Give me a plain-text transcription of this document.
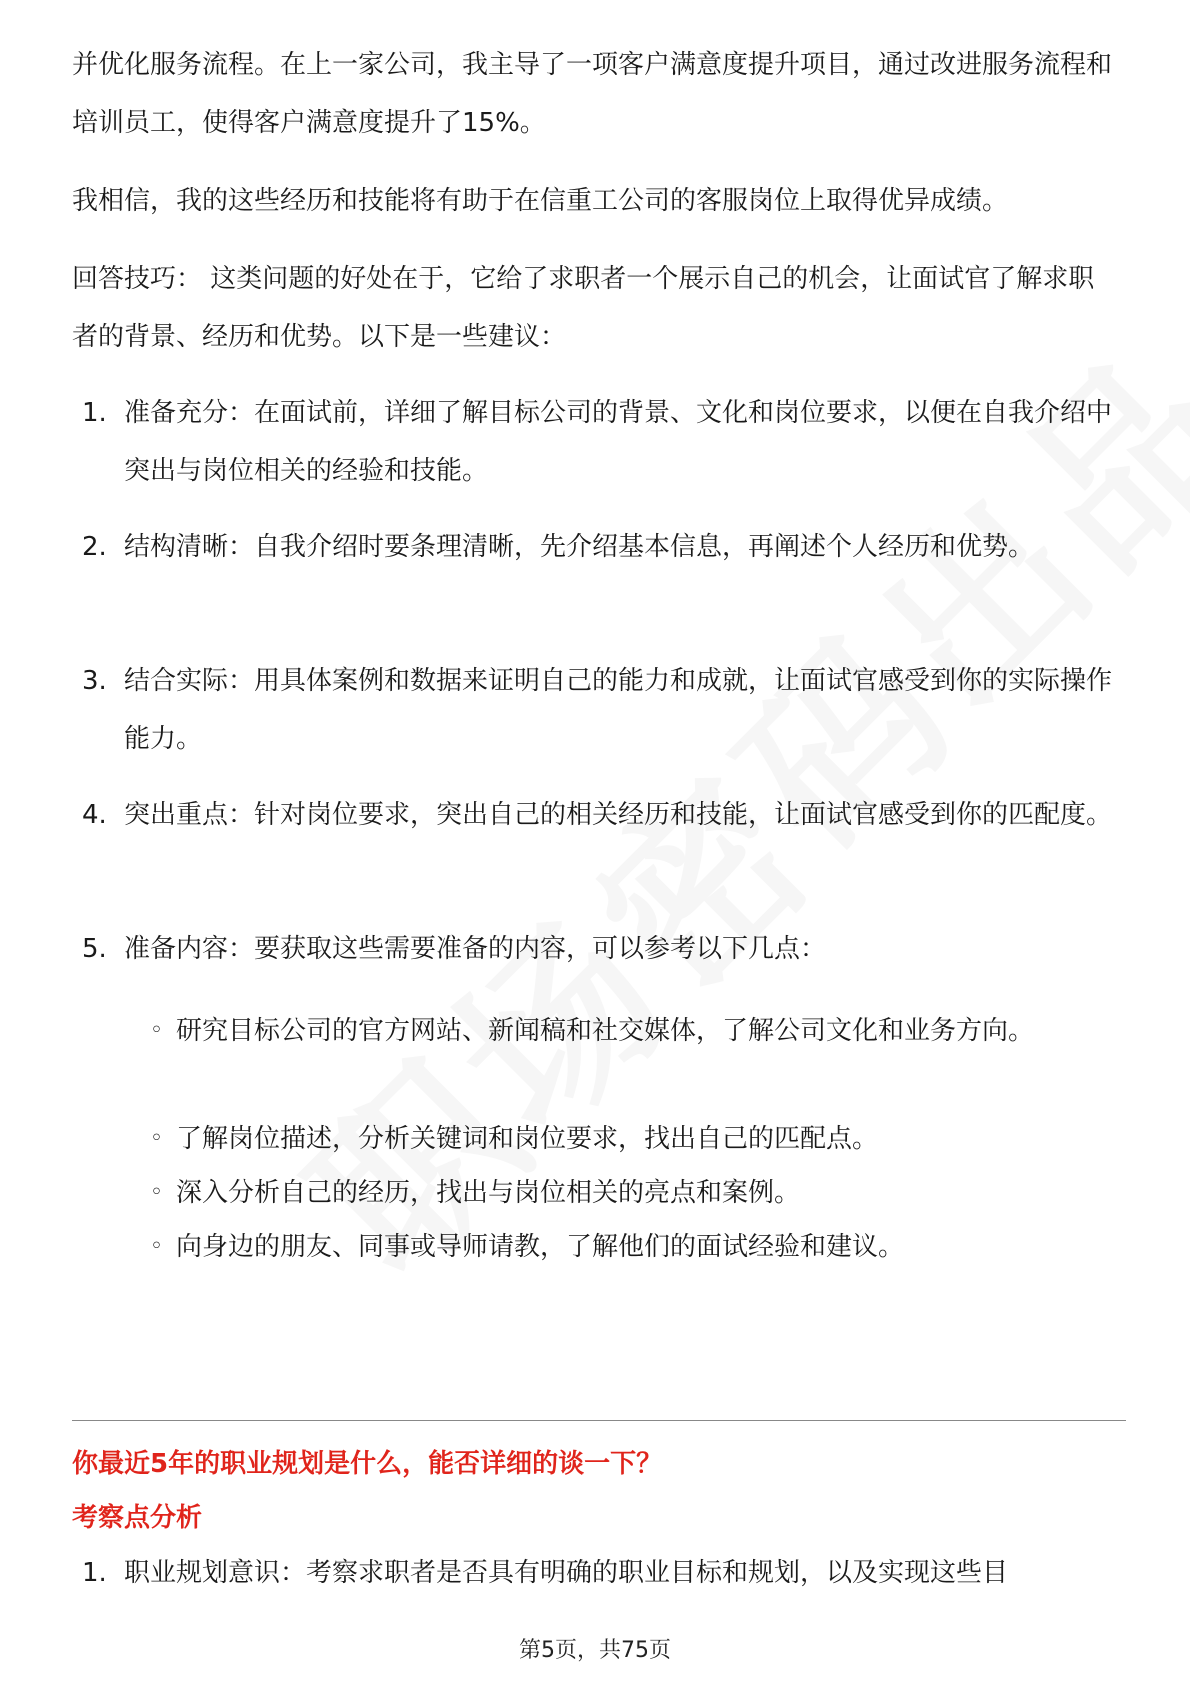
并优化服务流程。在上一家公司，我主导了一项客户满意度提升项目，通过改进服务流程和培训员工，使得客户满意度提升了15%。

我相信，我的这些经历和技能将有助于在信重工公司的客服岗位上取得优异成绩。

回答技巧： 这类问题的好处在于，它给了求职者一个展示自己的机会，让面试官了解求职者的背景、经历和优势。以下是一些建议：

1. 准备充分：在面试前，详细了解目标公司的背景、文化和岗位要求，以便在自我介绍中突出与岗位相关的经验和技能。
2. 结构清晰：自我介绍时要条理清晰，先介绍基本信息，再阐述个人经历和优势。
3. 结合实际：用具体案例和数据来证明自己的能力和成就，让面试官感受到你的实际操作能力。
4. 突出重点：针对岗位要求，突出自己的相关经历和技能，让面试官感受到你的匹配度。
5. 准备内容：要获取这些需要准备的内容，可以参考以下几点：
◦ 研究目标公司的官方网站、新闻稿和社交媒体，了解公司文化和业务方向。
◦ 了解岗位描述，分析关键词和岗位要求，找出自己的匹配点。
◦ 深入分析自己的经历，找出与岗位相关的亮点和案例。
◦ 向身边的朋友、同事或导师请教，了解他们的面试经验和建议。
你最近5年的职业规划是什么，能否详细的谈一下？
考察点分析
1. 职业规划意识：考察求职者是否具有明确的职业目标和规划，以及实现这些目
第5页，共75页
